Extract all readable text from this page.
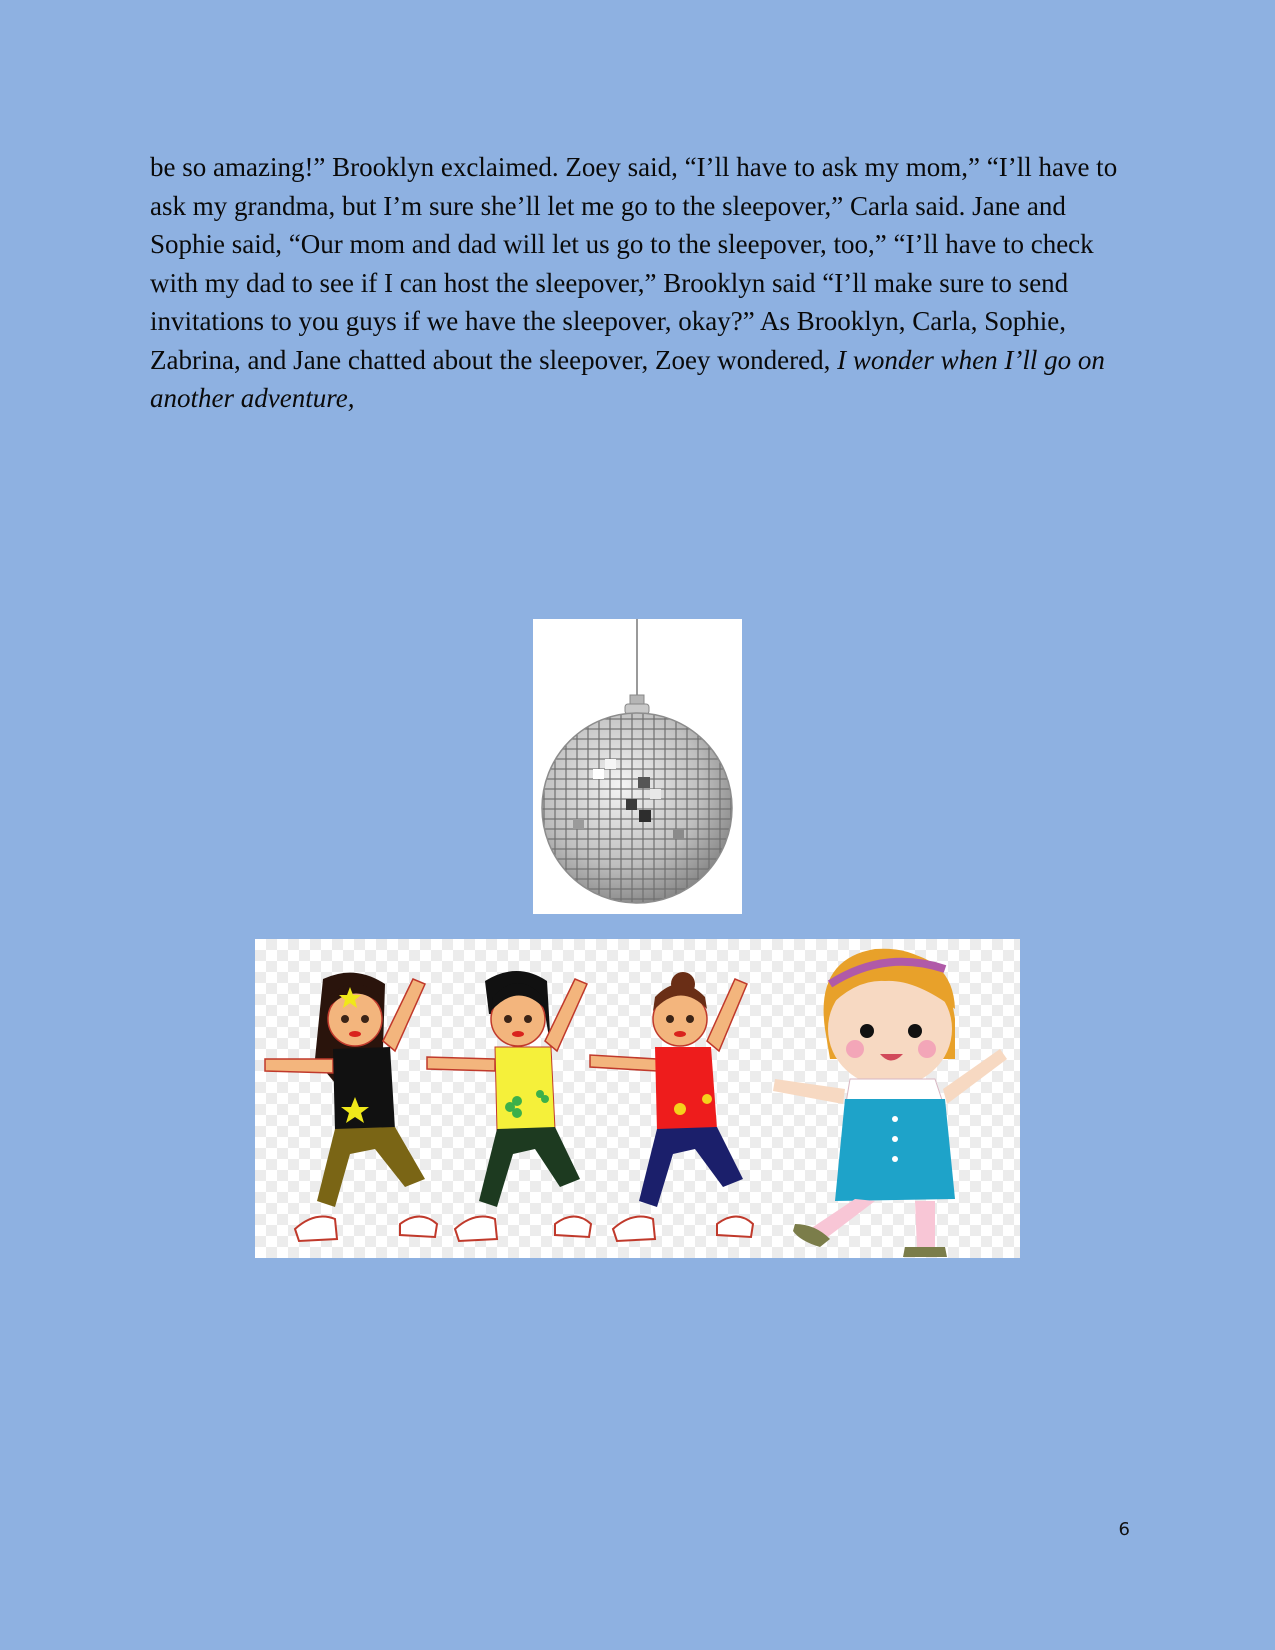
be so amazing!” Brooklyn exclaimed. Zoey said, “I’ll have to ask my mom,” “I’ll have to ask my grandma, but I’m sure she’ll let me go to the sleepover,” Carla said. Jane and Sophie said, “Our mom and dad will let us go to the sleepover, too,” “I’ll have to check with my dad to see if I can host the sleepover,” Brooklyn said “I’ll make sure to send invitations to you guys if we have the sleepover, okay?” As Brooklyn, Carla, Sophie, Zabrina, and Jane chatted about the sleepover, Zoey wondered, I wonder when I’ll go on another adventure,

6
